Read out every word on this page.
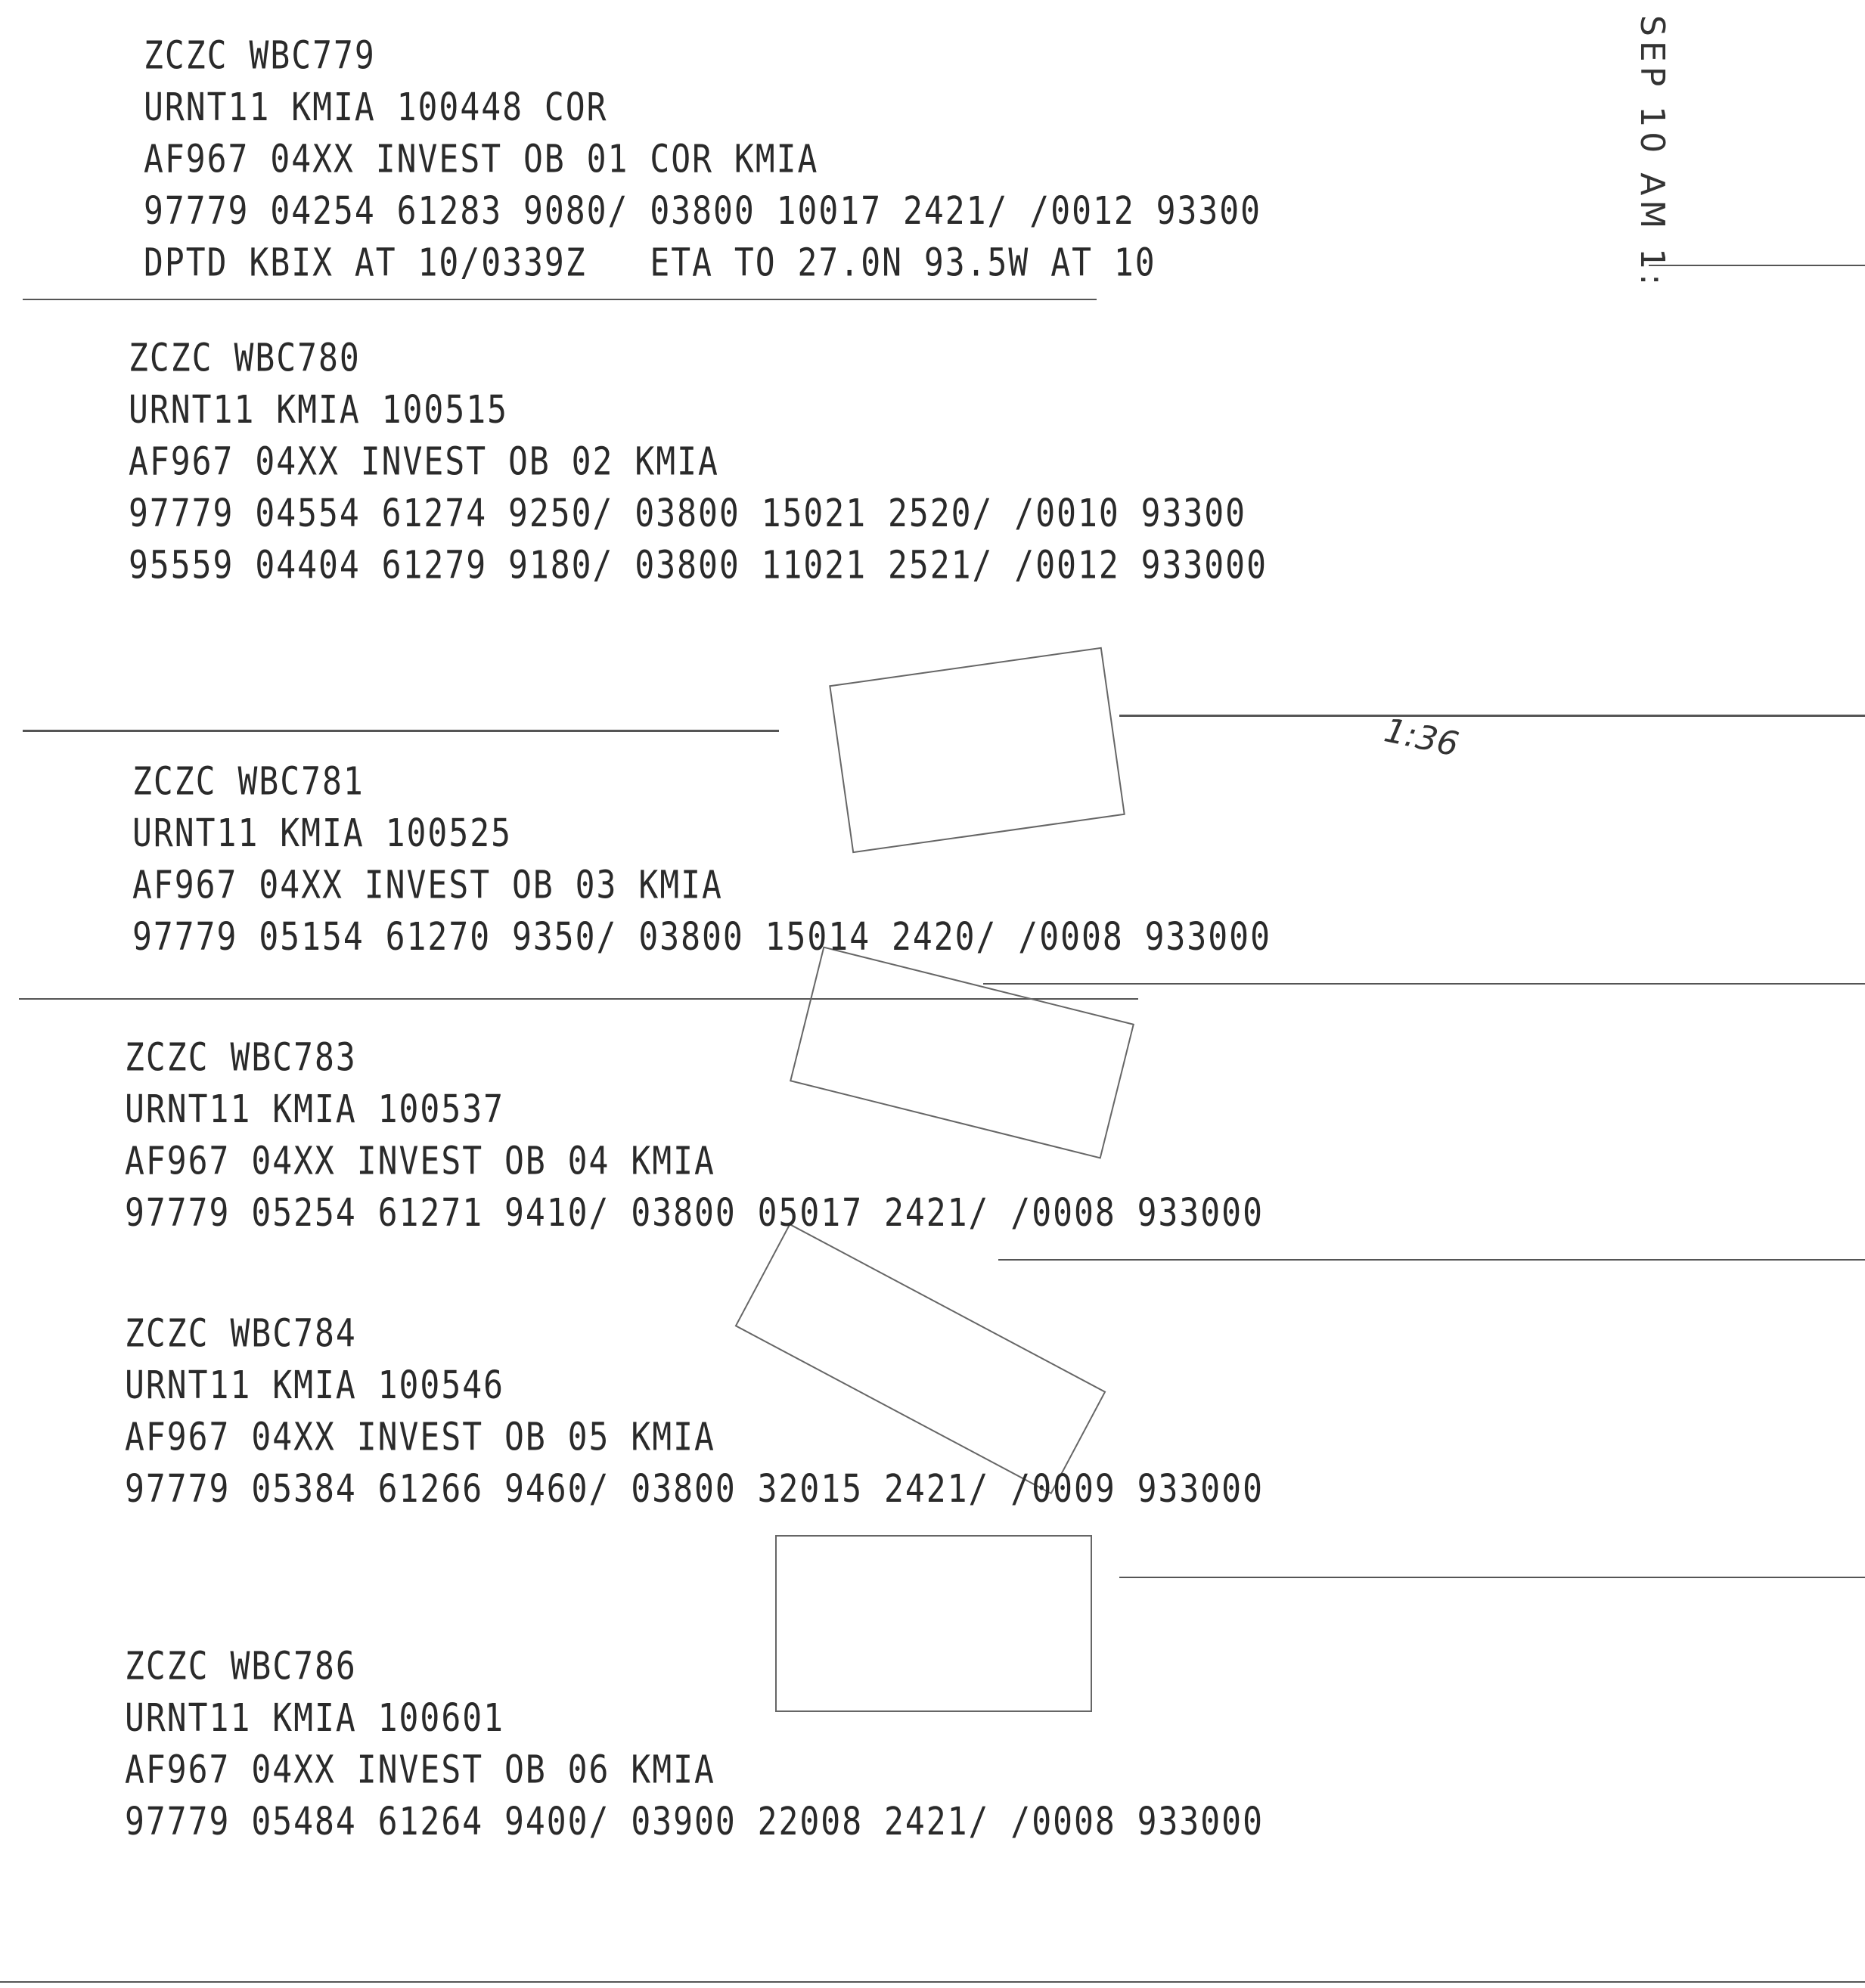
ZCZC WBC779
URNT11 KMIA 100448 COR
AF967 04XX INVEST OB 01 COR KMIA
97779 04254 61283 9080/ 03800 10017 2421/ /0012 93300
DPTD KBIX AT 10/0339Z   ETA TO 27.0N 93.5W AT 10
ZCZC WBC780
URNT11 KMIA 100515
AF967 04XX INVEST OB 02 KMIA
97779 04554 61274 9250/ 03800 15021 2520/ /0010 93300
95559 04404 61279 9180/ 03800 11021 2521/ /0012 933000
ZCZC WBC781
URNT11 KMIA 100525
AF967 04XX INVEST OB 03 KMIA
97779 05154 61270 9350/ 03800 15014 2420/ /0008 933000
ZCZC WBC783
URNT11 KMIA 100537
AF967 04XX INVEST OB 04 KMIA
97779 05254 61271 9410/ 03800 05017 2421/ /0008 933000
ZCZC WBC784
URNT11 KMIA 100546
AF967 04XX INVEST OB 05 KMIA
97779 05384 61266 9460/ 03800 32015 2421/ /0009 933000
ZCZC WBC786
URNT11 KMIA 100601
AF967 04XX INVEST OB 06 KMIA
97779 05484 61264 9400/ 03900 22008 2421/ /0008 933000
SEP 10 AM 1:
1:36
